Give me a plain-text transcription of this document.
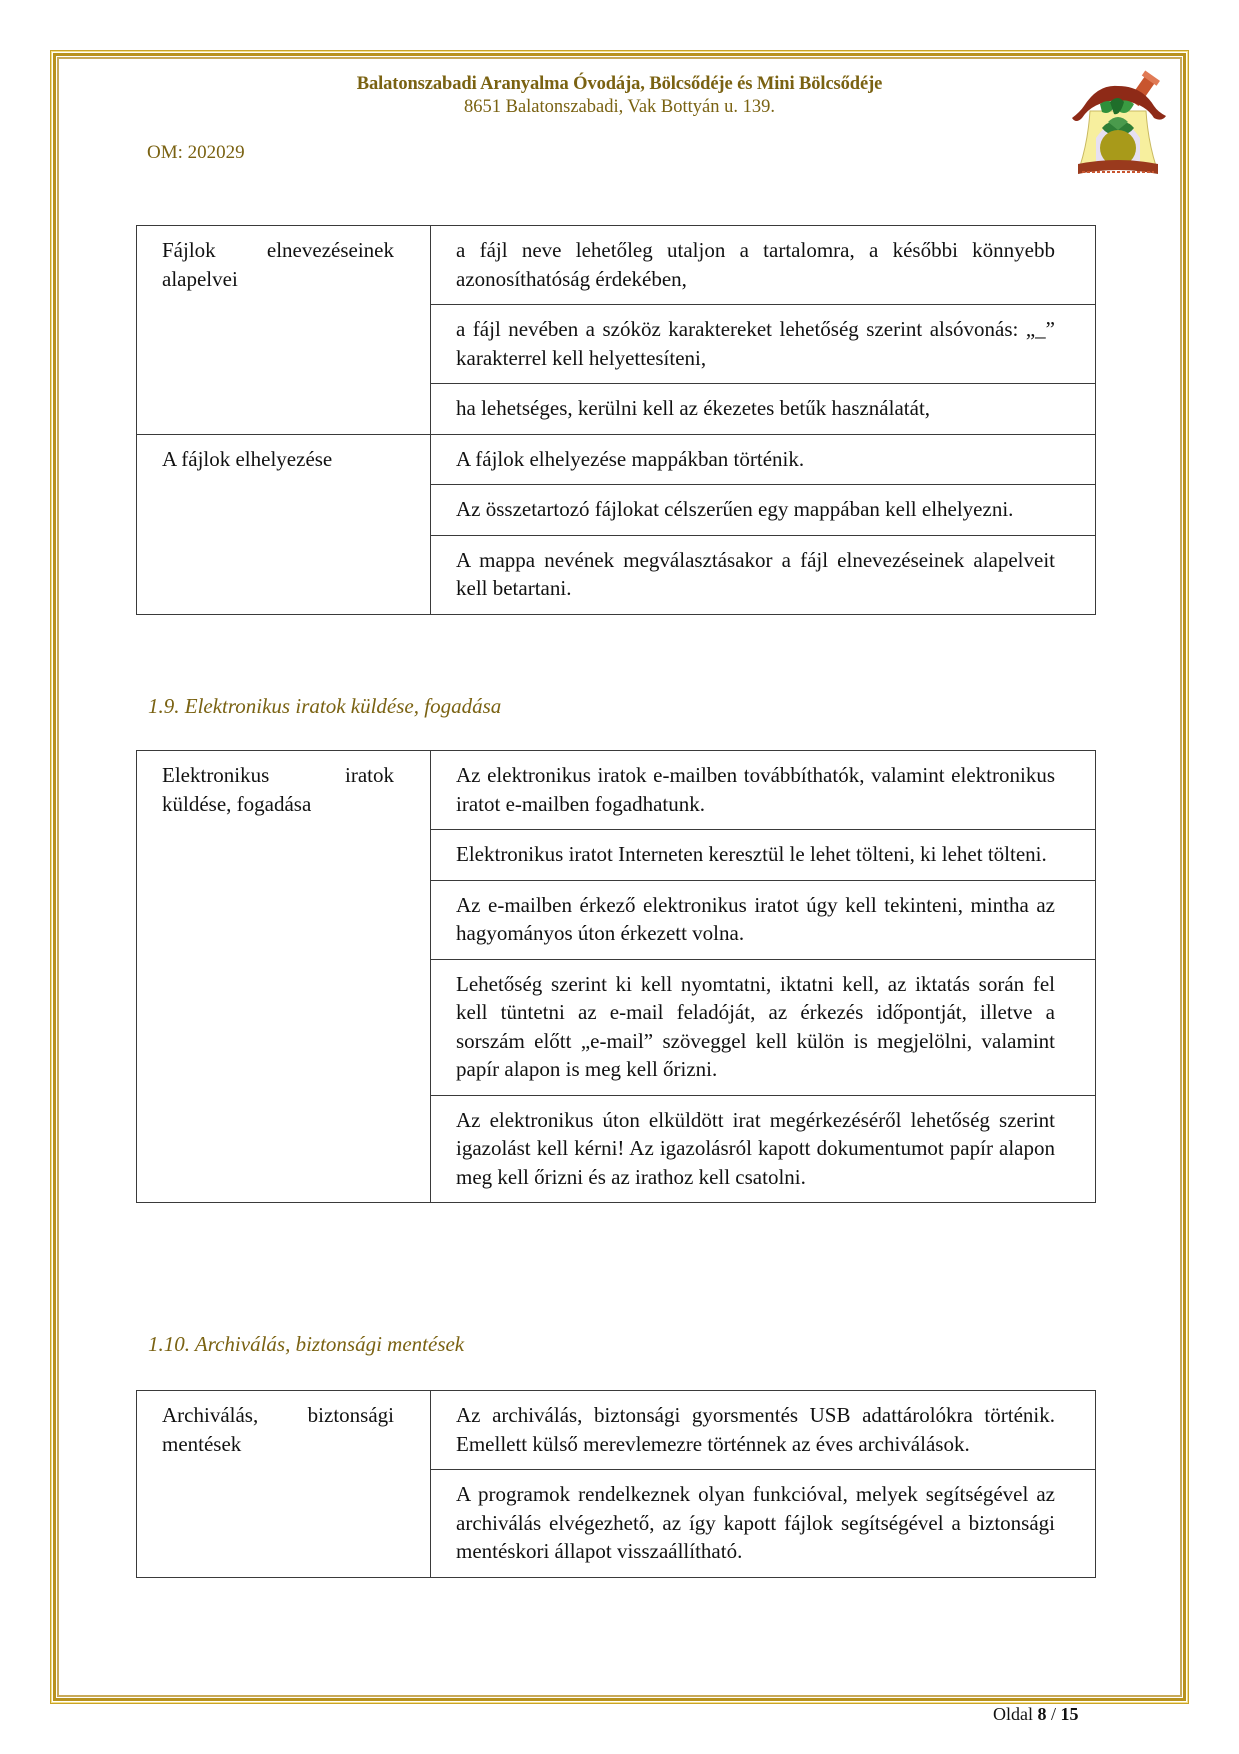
Balatonszabadi Aranyalma Óvodája, Bölcsődéje és Mini Bölcsődéje
8651 Balatonszabadi, Vak Bottyán u. 139.
OM: 202029
Fájlok elnevezéseinek alapelvei	a fájl neve lehetőleg utaljon a tartalomra, a későbbi könnyebb azonosíthatóság érdekében,
	a fájl nevében a szóköz karaktereket lehetőség szerint alsóvonás: „_” karakterrel kell helyettesíteni,
	ha lehetséges, kerülni kell az ékezetes betűk használatát,
A fájlok elhelyezése	A fájlok elhelyezése mappákban történik.
	Az összetartozó fájlokat célszerűen egy mappában kell elhelyezni.
	A mappa nevének megválasztásakor a fájl elnevezéseinek alapelveit kell betartani.
1.9. Elektronikus iratok küldése, fogadása
Elektronikus iratok küldése, fogadása	Az elektronikus iratok e-mailben továbbíthatók, valamint elektronikus iratot e-mailben fogadhatunk.
Elektronikus iratot Interneten keresztül le lehet tölteni, ki lehet tölteni.
Az e-mailben érkező elektronikus iratot úgy kell tekinteni, mintha az hagyományos úton érkezett volna.
Lehetőség szerint ki kell nyomtatni, iktatni kell, az iktatás során fel kell tüntetni az e-mail feladóját, az érkezés időpontját, illetve a sorszám előtt „e-mail” szöveggel kell külön is megjelölni, valamint papír alapon is meg kell őrizni.
Az elektronikus úton elküldött irat megérkezéséről lehetőség szerint igazolást kell kérni! Az igazolásról kapott dokumentumot papír alapon meg kell őrizni és az irathoz kell csatolni.
1.10. Archiválás, biztonsági mentések
Archiválás, biztonsági mentések	Az archiválás, biztonsági gyorsmentés USB adattárolókra történik. Emellett külső merevlemezre történnek az éves archiválások.
A programok rendelkeznek olyan funkcióval, melyek segítségével az archiválás elvégezhető, az így kapott fájlok segítségével a biztonsági mentéskori állapot visszaállítható.
Oldal 8 / 15
